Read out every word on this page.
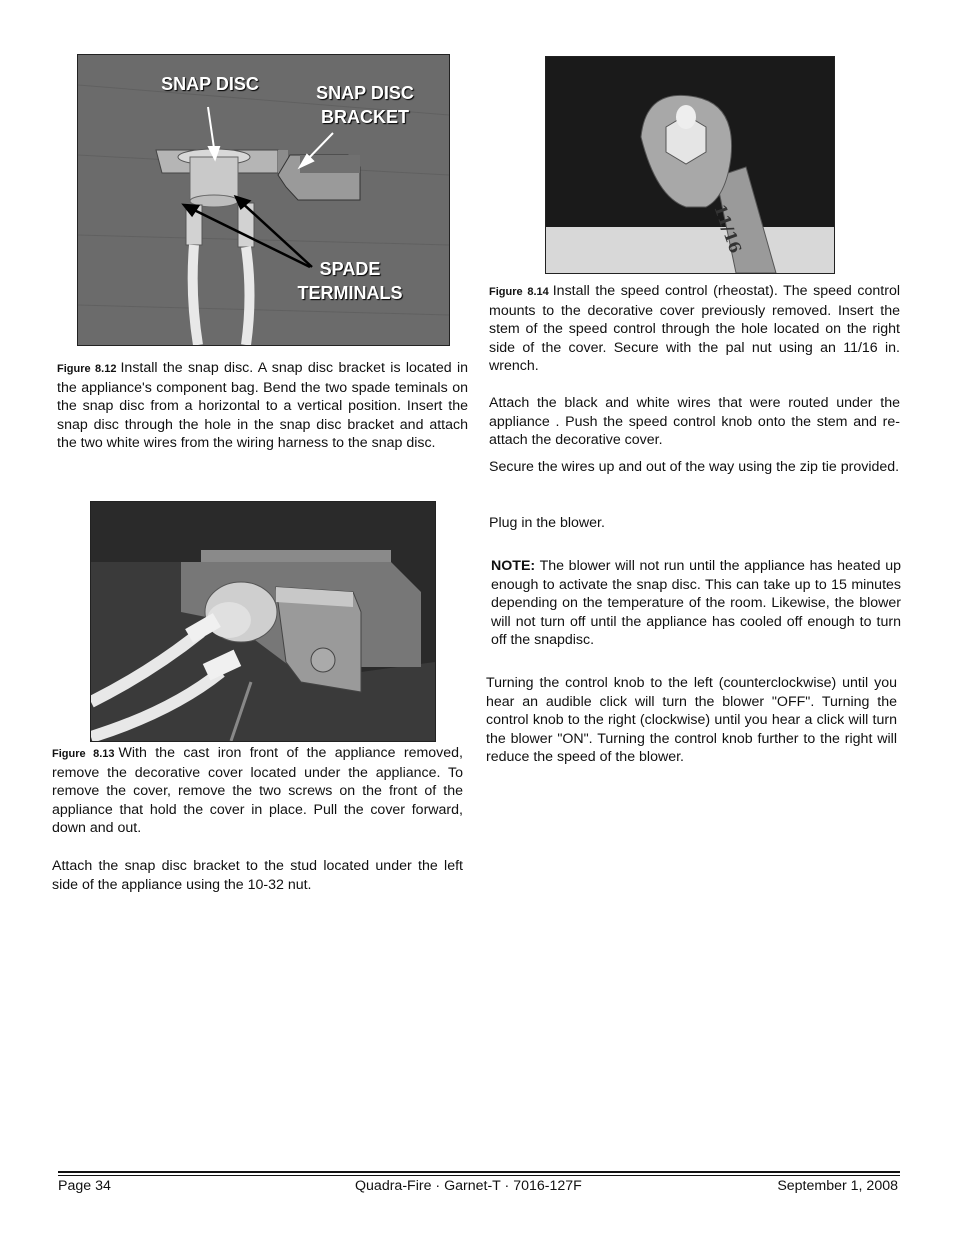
SNAP DISC	SNAP DISC
BRACKET
SPADE
TERMINALS
Figure 8.12 Install the snap disc. A snap disc bracket is located in the appliance's component bag. Bend the two spade teminals on the snap disc from a horizontal to a vertical position. Insert the snap disc through the hole in the snap disc bracket and attach the two white wires from the wiring harness to the snap disc.
Figure 8.13 With the cast iron front of the appliance removed, remove the decorative cover located under the appliance. To remove the cover, remove the two screws on the front of the appliance that hold the cover in place. Pull the cover forward, down and out.
Attach the snap disc bracket to the stud located under the left side of the appliance using the 10-32 nut.
11/16
Figure 8.14 Install the speed control (rheostat). The speed control mounts to the decorative cover previously removed. Insert the stem of the speed control through the hole located on the right side of the cover. Secure with the pal nut using an 11/16 in. wrench.
Attach the black and white wires that were routed under the appliance . Push the speed control knob onto the stem and re-attach the decorative cover.
Secure the wires up and out of the way using the zip tie provided.
Plug in the blower.
NOTE: The blower will not run until the appliance has heated up enough to activate the snap disc. This can take up to 15 minutes depending on the temperature of the room. Likewise, the blower will not turn off until the appliance has cooled off enough to turn off the snapdisc.
Turning the control knob to the left (counterclockwise) until you hear an audible click will turn the blower "OFF". Turning the control knob to the right (clockwise) until you hear a click will turn the blower "ON". Turning the control knob further to the right will reduce the speed of the blower.
Page 34	Quadra-Fire · Garnet-T · 7016-127F	September 1, 2008
